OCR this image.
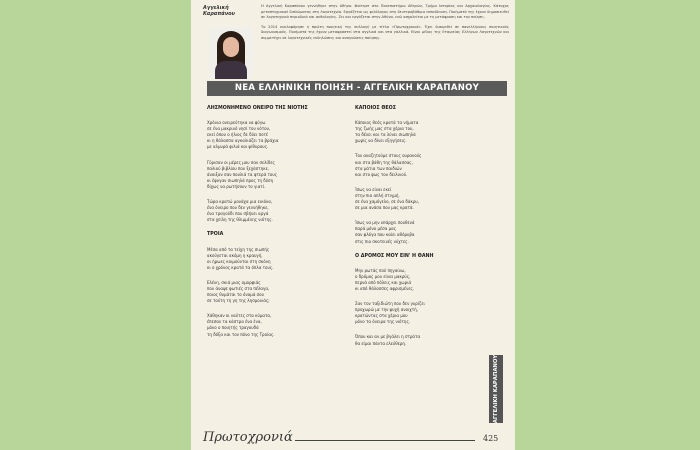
Αγγελική
Καραπάνου

Η Αγγελική Καραπάνου γεννήθηκε στην Αθήνα. Φοίτησε στο Πανεπιστήμιο Αθηνών, Τμήμα Ιστορίας και Αρχαιολογίας. Κάτοχος μεταπτυχιακού διπλώματος στη Λογοτεχνία. Εργάζεται ως φιλόλογος στη δευτεροβάθμια εκπαίδευση. Ποιήματά της έχουν δημοσιευθεί σε λογοτεχνικά περιοδικά και ανθολογίες. Ζει και εργάζεται στην Αθήνα, ενώ ασχολείται με τη μετάφραση και την ποίηση.

Το 2014 κυκλοφόρησε η πρώτη ποιητική της συλλογή με τίτλο «Πρωτοχρονιά». Έχει διακριθεί σε πανελλήνιους ποιητικούς διαγωνισμούς. Ποιήματά της έχουν μεταφραστεί στα αγγλικά και στα γαλλικά. Είναι μέλος της Εταιρείας Ελλήνων Λογοτεχνών και συμμετέχει σε λογοτεχνικές εκδηλώσεις και αναγνώσεις ποίησης.

ΝΕΑ ΕΛΛΗΝΙΚΗ ΠΟΙΗΣΗ - ΑΓΓΕΛΙΚΗ ΚΑΡΑΠΑΝΟΥ
ΛΗΣΜΟΝΗΜΕΝΟ ΟΝΕΙΡΟ ΤΗΣ ΝΙΟΤΗΣ
Χρόνια ονειρεύτηκα να φύγω
σε ένα μακρινό νησί του νότου,
εκεί όπου ο ήλιος δε δύει ποτέ
κι η θάλασσα αγκαλιάζει τα βράχια
με αλμυρά φιλιά και ψίθυρους.
Γύρισαν οι μέρες μου σαν σελίδες
παλιού βιβλίου που ξεχάστηκε,
άνοιξαν σαν πουλιά τα φτερά τους
κι έφυγαν σιωπηλά προς τη δύση
δίχως να ρωτήσουν το γιατί.
Τώρα κρατώ μονάχα μια εικόνα,
ένα όνειρο που δεν γεννήθηκε,
ένα τραγούδι που σβήνει αργά
στα χείλη της θλιμμένης νιότης.
ΤΡΟΙΑ
Μέσα από τα τείχη της σιωπής
ακούγεται ακόμη η κραυγή,
οι ήρωες κοιμούνται στη σκόνη
κι ο χρόνος κρατά τα όπλα τους.
Ελένη, σκιά μιας ομορφιάς
που άναψε φωτιές στα πέλαγα,
ποιος θυμάται το όνομά σου
σε τούτη τη γη της λησμονιάς;
Χάθηκαν οι ναύτες στα κύματα,
έπεσαν τα κάστρα ένα ένα,
μόνο ο ποιητής τραγουδά
τη δόξα και τον πόνο της Τροίας.
ΚΑΠΟΙΟΣ ΘΕΟΣ
Κάποιος θεός κρατά τα νήματα
της ζωής μας στα χέρια του,
τα δένει και τα λύνει σιωπηλά
χωρίς να δίνει εξηγήσεις.
Τον αναζητούμε στους ουρανούς
και στα βάθη της θάλασσας,
στα μάτια των παιδιών
και στο φως του δειλινού.
Ίσως να είναι εκεί
στην πιο απλή στιγμή,
σε ένα χαμόγελο, σε ένα δάκρυ,
σε μια ανάσα που μας κρατά.
Ίσως να μην υπάρχει πουθενά
παρά μόνο μέσα μας
σαν φλόγα που καίει αθόρυβα
στις πιο σκοτεινές νύχτες.
Ο ΔΡΟΜΟΣ ΜΟΥ ΕΙΝ' Η ΘΑΝΗ
Μην ρωτάς πού πηγαίνω,
ο δρόμος μου είναι μακρύς,
περνά από πόλεις και χωριά
κι από θάλασσες αφρισμένες.
Σαν τον ταξιδιώτη που δεν γυρίζει
προχωρώ με την ψυχή ανοιχτή,
κρατώντας στα χέρια μου
μόνο τα όνειρα της νιότης.
Όπου και αν με βγάλει η στράτα
θα είμαι πάντα ελεύθερη.
ΑΓΓΕΛΙΚΗ ΚΑΡΑΠΑΝΟΥ
Πρωτοχρονιά	425
